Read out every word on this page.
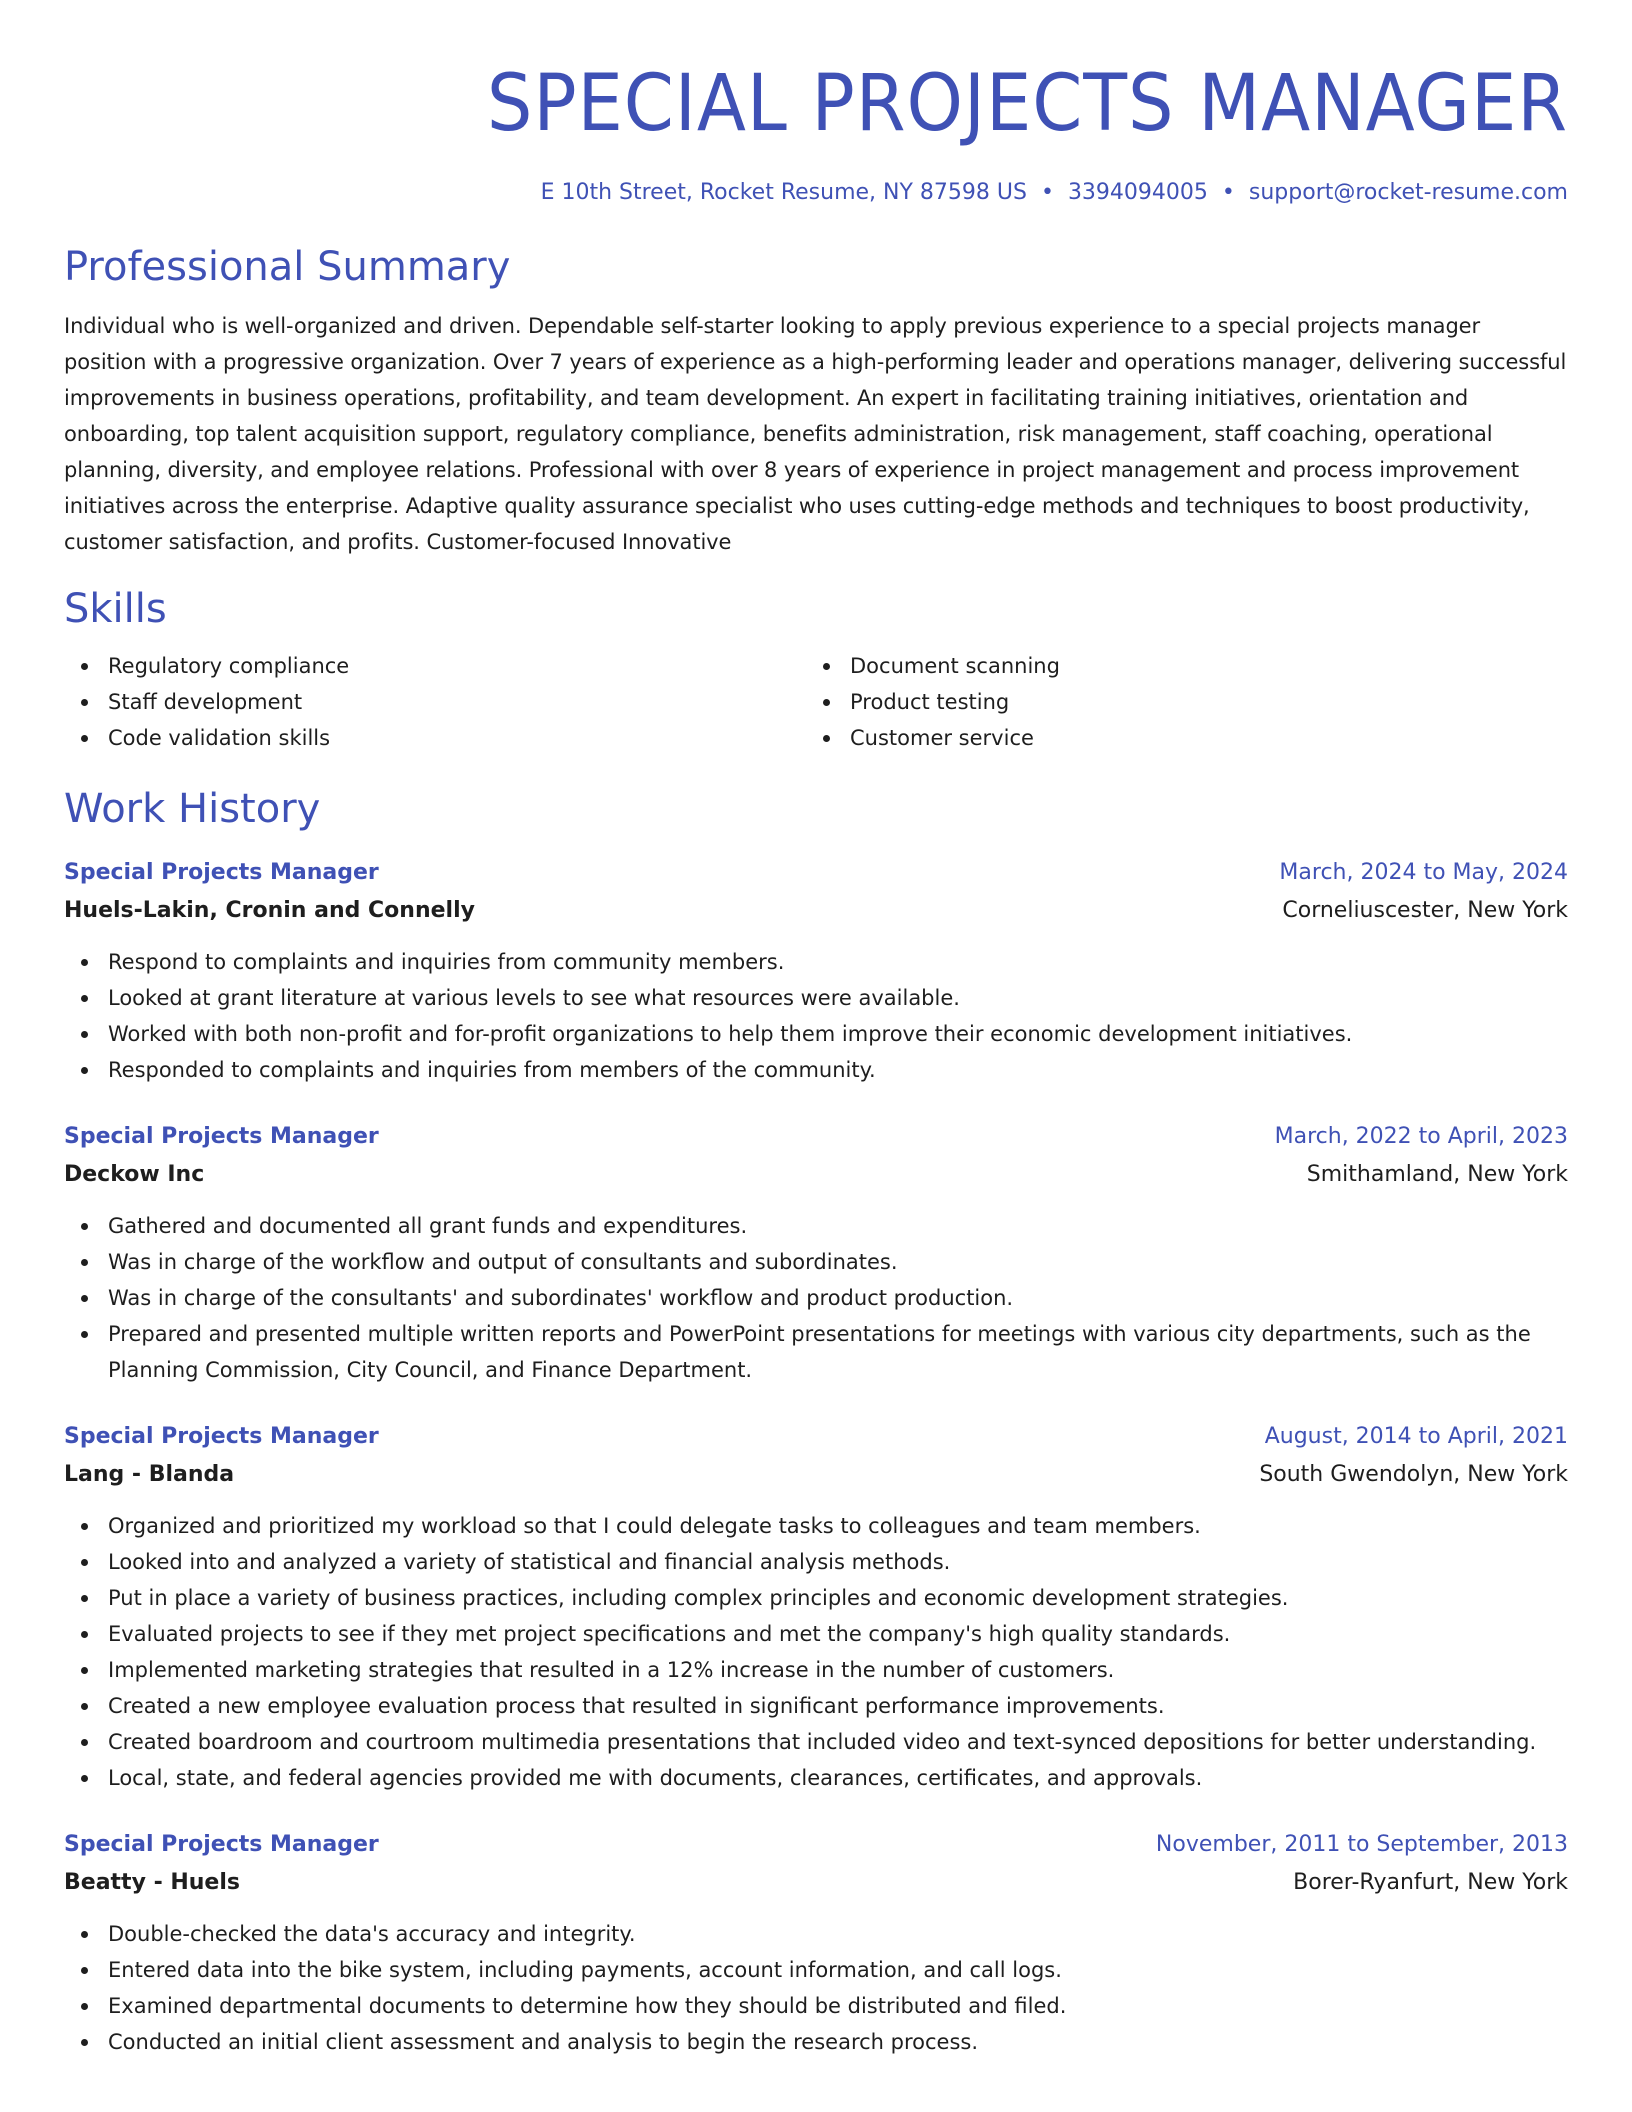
SPECIAL PROJECTS MANAGER
E 10th Street, Rocket Resume, NY 87598 US • 3394094005 • support@rocket-resume.com
Professional Summary

Individual who is well-organized and driven. Dependable self-starter looking to apply previous experience to a special projects manager position with a progressive organization. Over 7 years of experience as a high-performing leader and operations manager, delivering successful improvements in business operations, profitability, and team development. An expert in facilitating training initiatives, orientation and onboarding, top talent acquisition support, regulatory compliance, benefits administration, risk management, staff coaching, operational planning, diversity, and employee relations. Professional with over 8 years of experience in project management and process improvement initiatives across the enterprise. Adaptive quality assurance specialist who uses cutting-edge methods and techniques to boost productivity, customer satisfaction, and profits. Customer-focused Innovative

Skills
Regulatory compliance
Staff development
Code validation skills
Document scanning
Product testing
Customer service
Work History
Special Projects Manager	March, 2024 to May, 2024
Huels-Lakin, Cronin and Connelly	Corneliuscester, New York
Respond to complaints and inquiries from community members.
Looked at grant literature at various levels to see what resources were available.
Worked with both non-profit and for-profit organizations to help them improve their economic development initiatives.
Responded to complaints and inquiries from members of the community.
Special Projects Manager	March, 2022 to April, 2023
Deckow Inc	Smithamland, New York
Gathered and documented all grant funds and expenditures.
Was in charge of the workflow and output of consultants and subordinates.
Was in charge of the consultants' and subordinates' workflow and product production.
Prepared and presented multiple written reports and PowerPoint presentations for meetings with various city departments, such as the Planning Commission, City Council, and Finance Department.
Special Projects Manager	August, 2014 to April, 2021
Lang - Blanda	South Gwendolyn, New York
Organized and prioritized my workload so that I could delegate tasks to colleagues and team members.
Looked into and analyzed a variety of statistical and financial analysis methods.
Put in place a variety of business practices, including complex principles and economic development strategies.
Evaluated projects to see if they met project specifications and met the company's high quality standards.
Implemented marketing strategies that resulted in a 12% increase in the number of customers.
Created a new employee evaluation process that resulted in significant performance improvements.
Created boardroom and courtroom multimedia presentations that included video and text-synced depositions for better understanding.
Local, state, and federal agencies provided me with documents, clearances, certificates, and approvals.
Special Projects Manager	November, 2011 to September, 2013
Beatty - Huels	Borer-Ryanfurt, New York
Double-checked the data's accuracy and integrity.
Entered data into the bike system, including payments, account information, and call logs.
Examined departmental documents to determine how they should be distributed and filed.
Conducted an initial client assessment and analysis to begin the research process.
